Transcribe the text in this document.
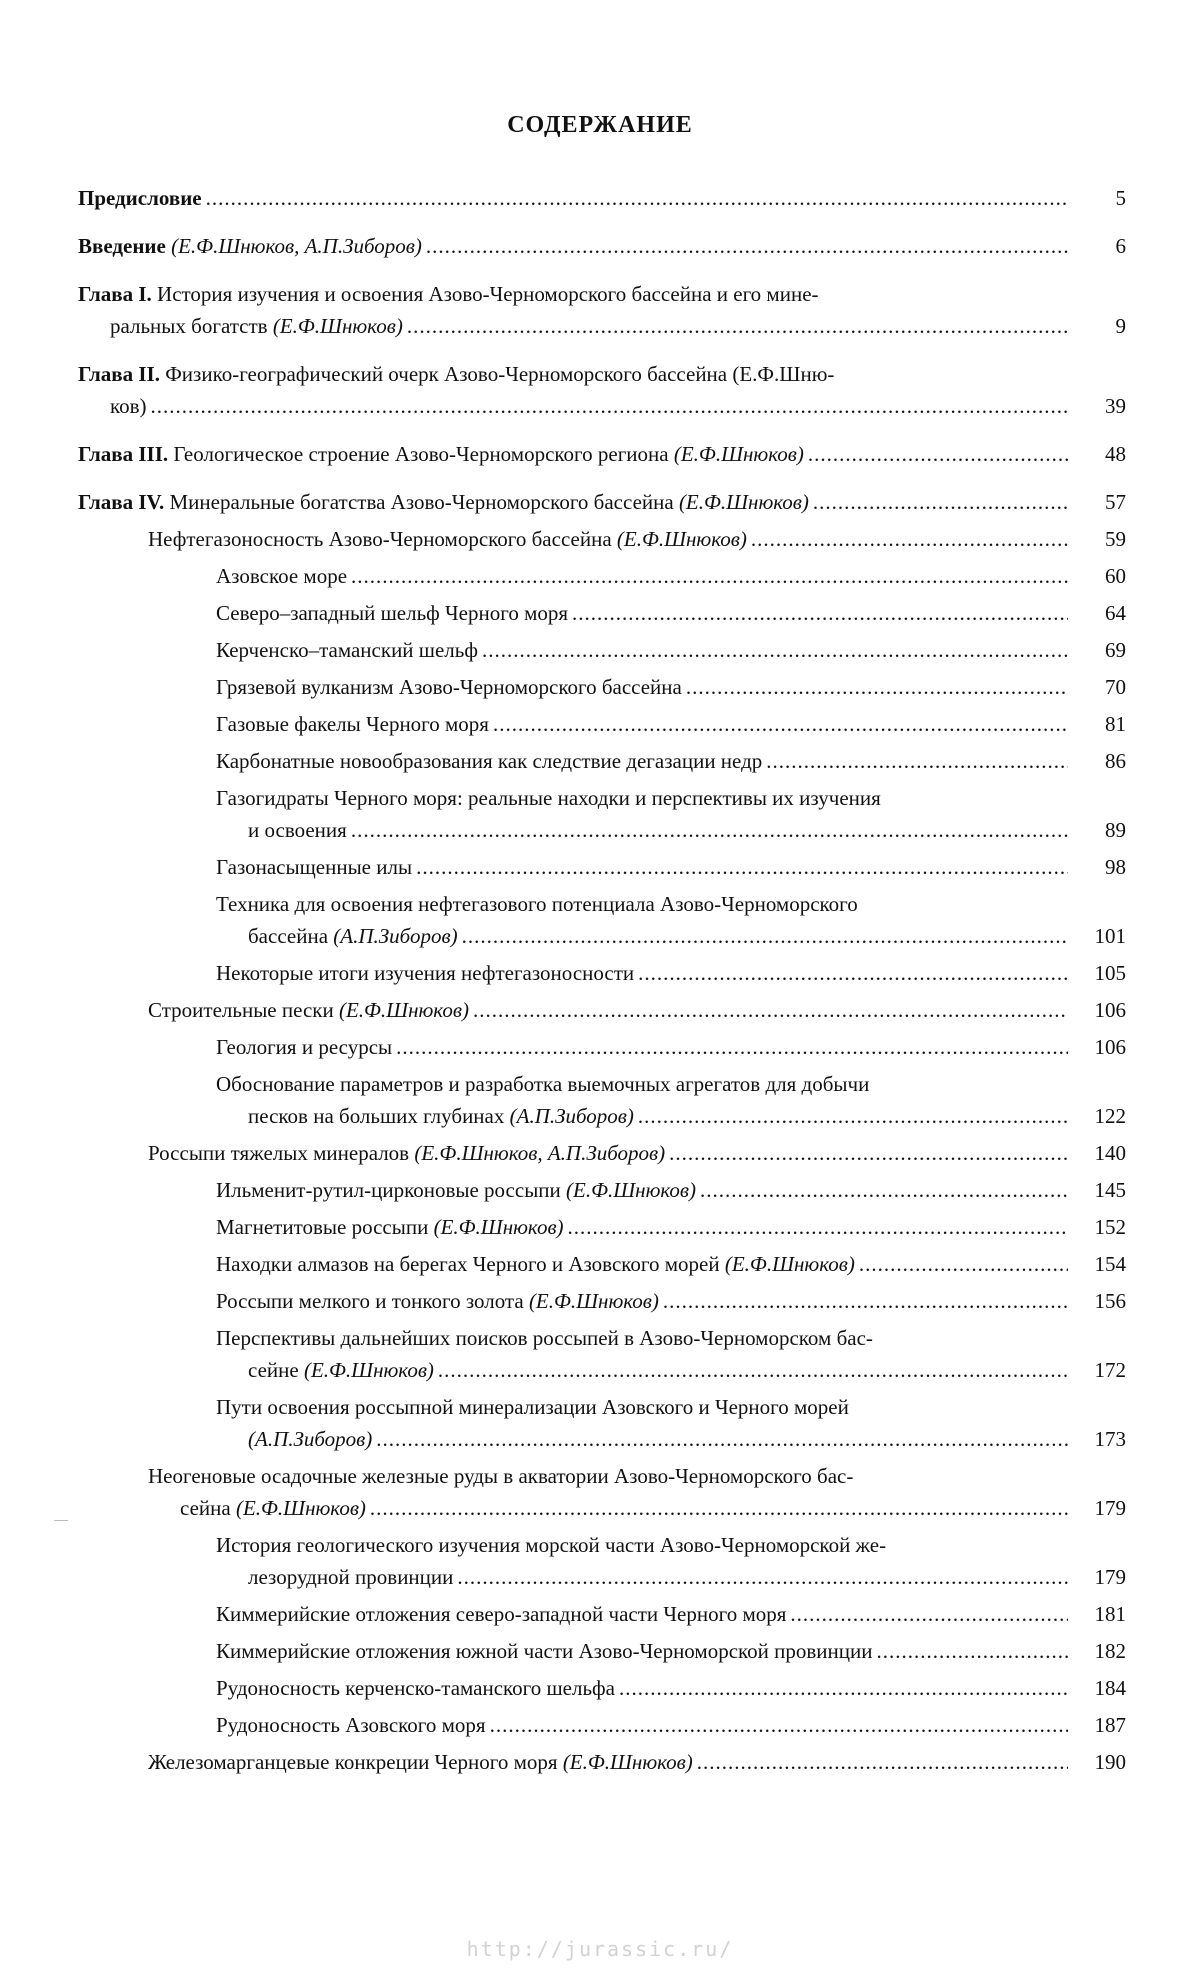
СОДЕРЖАНИЕ
Предисловие .....	5
Введение (Е.Ф.Шнюков, А.П.Зиборов) .....	6
Глава I. История изучения и освоения Азово-Черноморского бассейна и его мине-
ральных богатств (Е.Ф.Шнюков) .....	9
Глава II. Физико-географический очерк Азово-Черноморского бассейна (Е.Ф.Шню-
ков) .....	39
Глава III. Геологическое строение Азово-Черноморского региона (Е.Ф.Шнюков) .....	48
Глава IV. Минеральные богатства Азово-Черноморского бассейна (Е.Ф.Шнюков) .....	57
Нефтегазоносность Азово-Черноморского бассейна (Е.Ф.Шнюков) .....	59
Азовское море .....	60
Северо–западный шельф Черного моря .....	64
Керченско–таманский шельф .....	69
Грязевой вулканизм Азово-Черноморского бассейна .....	70
Газовые факелы Черного моря .....	81
Карбонатные новообразования как следствие дегазации недр .....	86
Газогидраты Черного моря: реальные находки и перспективы их изучения
и освоения .....	89
Газонасыщенные илы .....	98
Техника для освоения нефтегазового потенциала Азово-Черноморского
бассейна (А.П.Зиборов) .....	101
Некоторые итоги изучения нефтегазоносности .....	105
Строительные пески (Е.Ф.Шнюков) .....	106
Геология и ресурсы .....	106
Обоснование параметров и разработка выемочных агрегатов для добычи
песков на больших глубинах (А.П.Зиборов) .....	122
Россыпи тяжелых минералов (Е.Ф.Шнюков, А.П.Зиборов) .....	140
Ильменит-рутил-цирконовые россыпи (Е.Ф.Шнюков) .....	145
Магнетитовые россыпи (Е.Ф.Шнюков) .....	152
Находки алмазов на берегах Черного и Азовского морей (Е.Ф.Шнюков) .....	154
Россыпи мелкого и тонкого золота (Е.Ф.Шнюков) .....	156
Перспективы дальнейших поисков россыпей в Азово-Черноморском бас-
сейне (Е.Ф.Шнюков) .....	172
Пути освоения россыпной минерализации Азовского и Черного морей
(А.П.Зиборов) .....	173
Неогеновые осадочные железные руды в акватории Азово-Черноморского бас-
сейна (Е.Ф.Шнюков) .....	179
История геологического изучения морской части Азово-Черноморской же-
лезорудной провинции .....	179
Киммерийские отложения северо-западной части Черного моря .....	181
Киммерийские отложения южной части Азово-Черноморской провинции .....	182
Рудоносность керченско-таманского шельфа .....	184
Рудоносность Азовского моря .....	187
Железомарганцевые конкреции Черного моря (Е.Ф.Шнюков) .....	190
http://jurassic.ru/
